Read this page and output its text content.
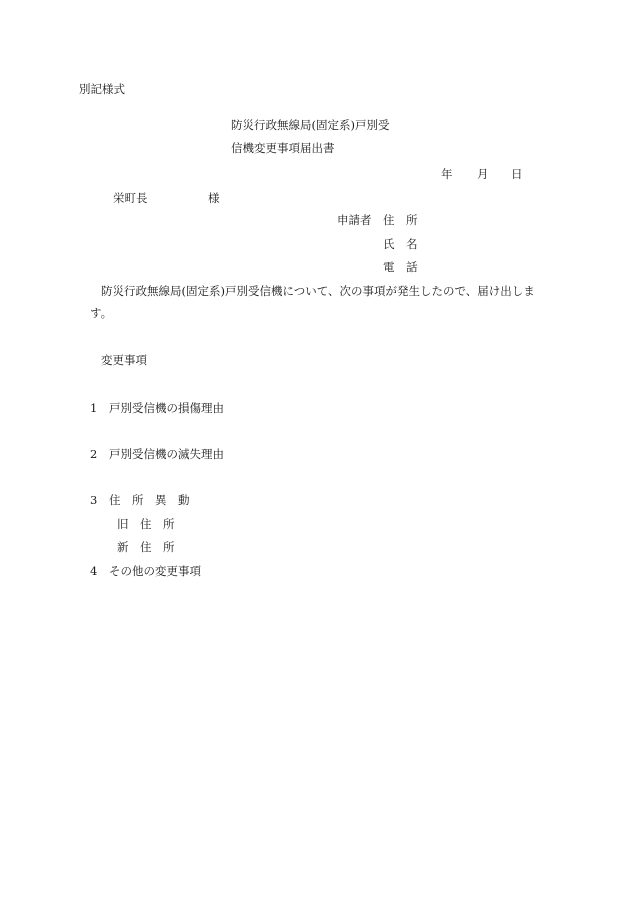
別記様式
防災行政無線局(固定系)戸別受
信機変更事項届出書
年 月 日
栄町長	様
申請者 住　所
氏　名
電　話
防災行政無線局(固定系)戸別受信機について、次の事項が発生したので、届け出しま
す。
変更事項
1 戸別受信機の損傷理由
2 戸別受信機の滅失理由
3 住　所　異　動
旧　住　所
新　住　所
4 その他の変更事項
